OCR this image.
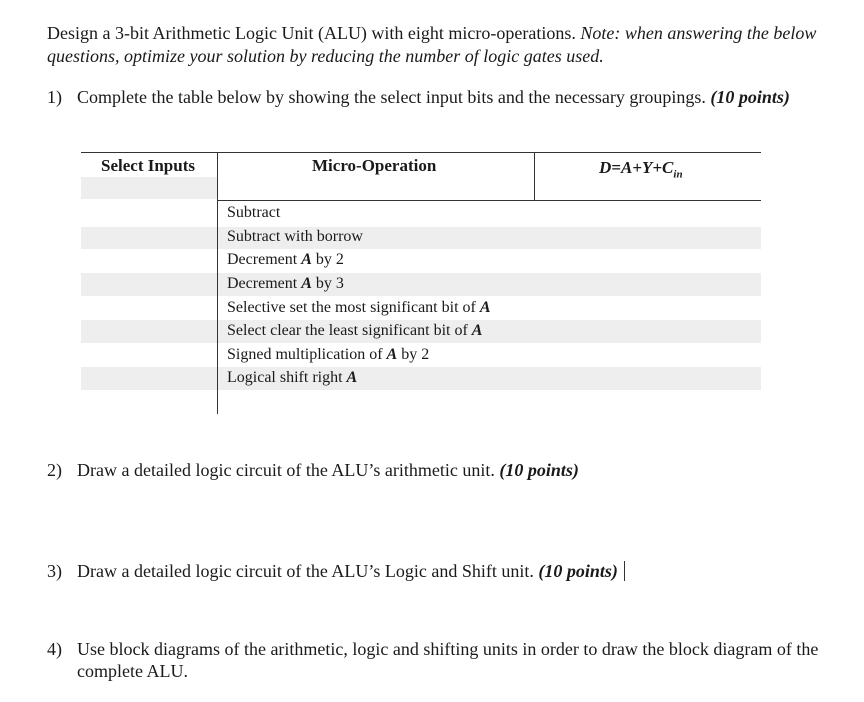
Design a 3-bit Arithmetic Logic Unit (ALU) with eight micro-operations. Note: when answering the below questions, optimize your solution by reducing the number of logic gates used.
1) Complete the table below by showing the select input bits and the necessary groupings. (10 points)
Select Inputs	Micro-Operation	$D=A+Y+C_{in}$
Subtract
Subtract with borrow
Decrement A by 2
Decrement A by 3
Selective set the most significant bit of A
Select clear the least significant bit of A
Signed multiplication of A by 2
Logical shift right A
2) Draw a detailed logic circuit of the ALU’s arithmetic unit. (10 points)
3) Draw a detailed logic circuit of the ALU’s Logic and Shift unit. (10 points)
4) Use block diagrams of the arithmetic, logic and shifting units in order to draw the block diagram of the complete ALU.
